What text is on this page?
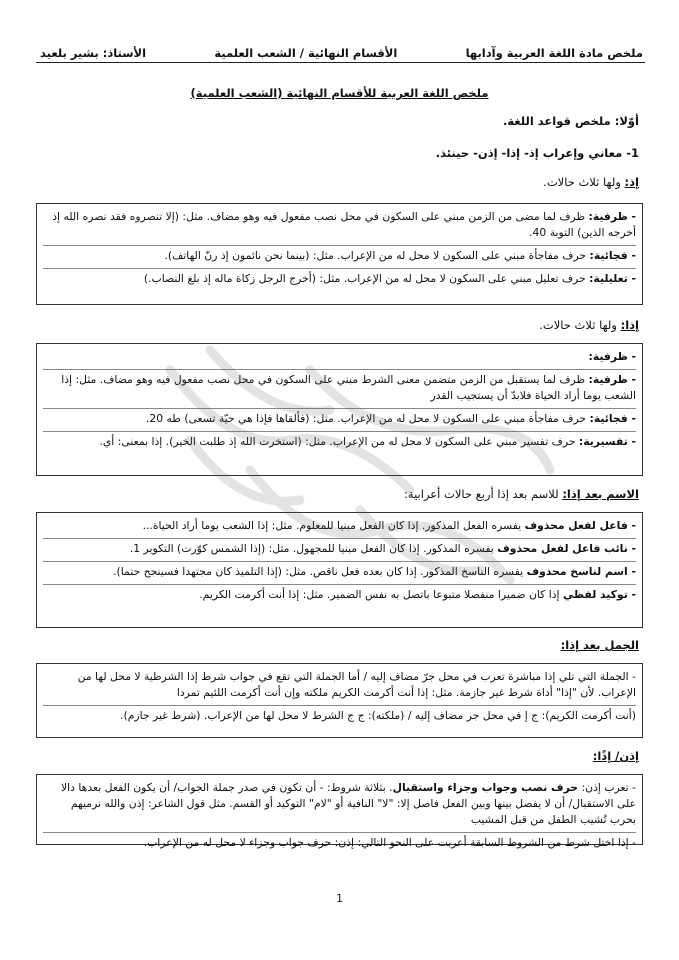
ملخص مادة اللغة العربية وآدابها
الأقسام النهائية / الشعب العلمية
الأستاذ: بشير بلعيد
ملخص اللغة العربية للأقسام النهائية (الشعب العلمية)
أوّلا: ملخص قواعد اللغة.
1- معاني وإعراب إذ- إذا- إذن- حينئذ.
إذ: ولها ثلاث حالات.
- ظرفية: ظرف لما مضى من الزمن مبني على السكون في محل نصب مفعول فيه وهو مضاف. مثل: (إلا تنصروه فقد نصره الله إذ أخرجه الذين) التوبة 40.
- فجائية: حرف مفاجأة مبني على السكون لا محل له من الإعراب. مثل: (بينما نحن نائمون إذ رنّ الهاتف).
- تعليلية: حرف تعليل مبني على السكون لا محل له من الإعراب. مثل: (أخرج الرجل زكاة ماله إذ بلغ النصاب.)
إذا: ولها ثلاث حالات.
- ظرفية:
- ظرفية: ظرف لما يستقبل من الزمن متضمن معنى الشرط مبني على السكون في محل نصب مفعول فيه وهو مضاف. مثل: إذا الشعب يوما أراد الحياة فلابدّ أن يستجيب القدر
- فجائية: حرف مفاجأة مبني على السكون لا محل له من الإعراب. مثل: (فألقاها فإذا هي حيّة تسعى) طه 20.
- تفسيرية: حرف تفسير مبني على السكون لا محل له من الإعراب. مثل: (استخرت الله إذ طلبت الخير). إذا بمعنى: أي.
الاسم بعد إذا: للاسم بعد إذا أربع حالات أعرابية:
- فاعل لفعل محذوف يفسره الفعل المذكور. إذا كان الفعل مبنيا للمعلوم. مثل: إذا الشعب يوما أراد الحياة...
- نائب فاعل لفعل محذوف يفسره المذكور. إذا كان الفعل مبنيا للمجهول. مثل: (إذا الشمس كوّرت) التكوير 1.
- اسم لناسخ محذوف يفسره الناسخ المذكور. إذا كان بعده فعل ناقص. مثل: (إذا التلميذ كان مجتهدا فسينجح حتما).
- توكيد لفظي إذا كان ضميرا منفصلا متبوعا باتصل به نفس الضمير. مثل: إذا أنت أكرمت الكريم.
الجمل بعد إذا:
- الجملة التي تلي إذا مباشرة تعرب في محل جرّ مضاف إليه / أما الجملة التي تقع في جواب شرط إذا الشرطية لا محل لها من الإعراب. لأن "إذا" أداة شرط غير جازمة. مثل: إذا أنت أكرمت الكريم ملكته وإن أنت أكرمت اللئيم تمردا
(أنت أكرمت الكريم): ج إ في محل جر مضاف إليه / (ملكته): ج ج الشرط لا محل لها من الإعراب. (شرط غير جازم).
إذن/ إذًا:
- تعرب إذن: حرف نصب وجواب وجزاء واستقبال. بثلاثة شروط: - أن تكون في صدر جملة الجواب/ أن يكون الفعل بعدها دالا على الاستقبال/ أن لا يفصل بينها وبين الفعل فاصل إلا: "لا" النافية أو "لام" التوكيد أو القسم. مثل قول الشاعر: إذن والله نرميهم بحرب تُشيب الطفل من قبل المشيب
- إذا اختل شرط من الشروط السابقة أعربت على النحو التالي: إذن: حرف جواب وجزاء لا محل له من الإعراب.
1
